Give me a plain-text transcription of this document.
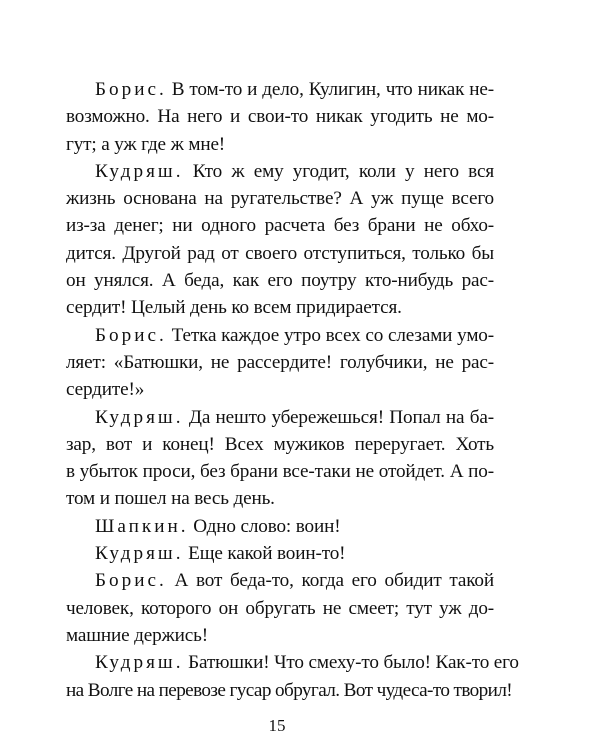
Борис. В том-то и дело, Кулигин, что никак не-
возможно. На него и свои-то никак угодить не мо-
гут; а уж где ж мне!

Кудряш. Кто ж ему угодит, коли у него вся
жизнь основана на ругательстве? А уж пуще всего
из-за денег; ни одного расчета без брани не обхо-
дится. Другой рад от своего отступиться, только бы
он унялся. А беда, как его поутру кто-нибудь рас-
сердит! Целый день ко всем придирается.

Борис. Тетка каждое утро всех со слезами умо-
ляет: «Батюшки, не рассердите! голубчики, не рас-
сердите!»

Кудряш. Да нешто убережешься! Попал на ба-
зар, вот и конец! Всех мужиков переругает. Хоть
в убыток проси, без брани все-таки не отойдет. А по-
том и пошел на весь день.

Шапкин. Одно слово: воин!

Кудряш. Еще какой воин-то!

Борис. А вот беда-то, когда его обидит такой
человек, которого он обругать не смеет; тут уж до-
машние держись!

Кудряш. Батюшки! Что смеху-то было! Как-то его
на Волге на перевозе гусар обругал. Вот чудеса-то творил!

15
